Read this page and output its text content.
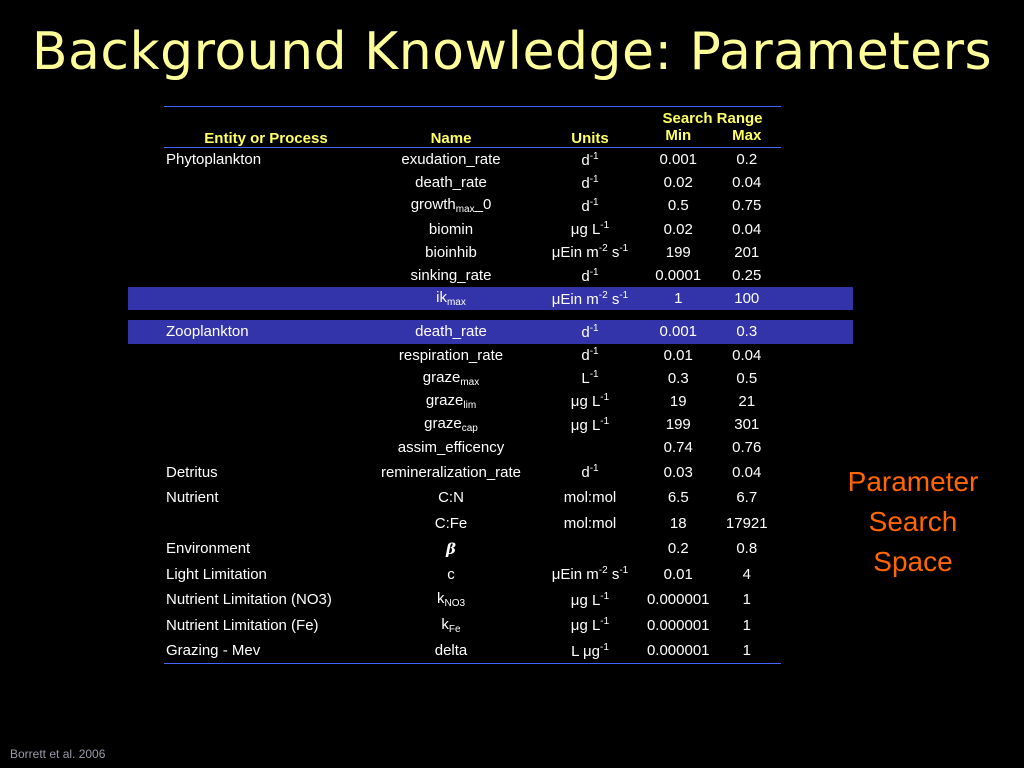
Background Knowledge: Parameters
	Entity or Process	Name	Units	Search Range		
				Min	Max	
	Phytoplankton	exudation_rate	$d^{-1}$	0.001	0.2	
		death_rate	$d^{-1}$	0.02	0.04	
		growth$_{max}$_0	$d^{-1}$	0.5	0.75	
		biomin	μg $L^{-1}$	0.02	0.04	
		bioinhib	μEin $m^{-2}$ $s^{-1}$	199	201	
		sinking_rate	$d^{-1}$	0.0001	0.25	
		$ik_{max}$	μEin $m^{-2}$ $s^{-1}$	1	100	

	Zooplankton	death_rate	$d^{-1}$	0.001	0.3	
		respiration_rate	$d^{-1}$	0.01	0.04	
		graze$_{max}$	$L^{-1}$	0.3	0.5	
		graze$_{lim}$	μg $L^{-1}$	19	21	
		graze$_{cap}$	μg $L^{-1}$	199	301	
		assim_efficency		0.74	0.76	
	Detritus	remineralization_rate	$d^{-1}$	0.03	0.04	
	Nutrient	C:N	mol:mol	6.5	6.7	
		C:Fe	mol:mol	18	17921	
	Environment	β		0.2	0.8	
	Light Limitation	c	μEin $m^{-2}$ $s^{-1}$	0.01	4	
	Nutrient Limitation (NO3)	$k_{NO3}$	μg $L^{-1}$	0.000001	1	
	Nutrient Limitation (Fe)	$k_{Fe}$	μg $L^{-1}$	0.000001	1	
	Grazing - Mev	delta	L $\mu g^{-1}$	0.000001	1	
Parameter
Search
Space
Borrett et al. 2006
